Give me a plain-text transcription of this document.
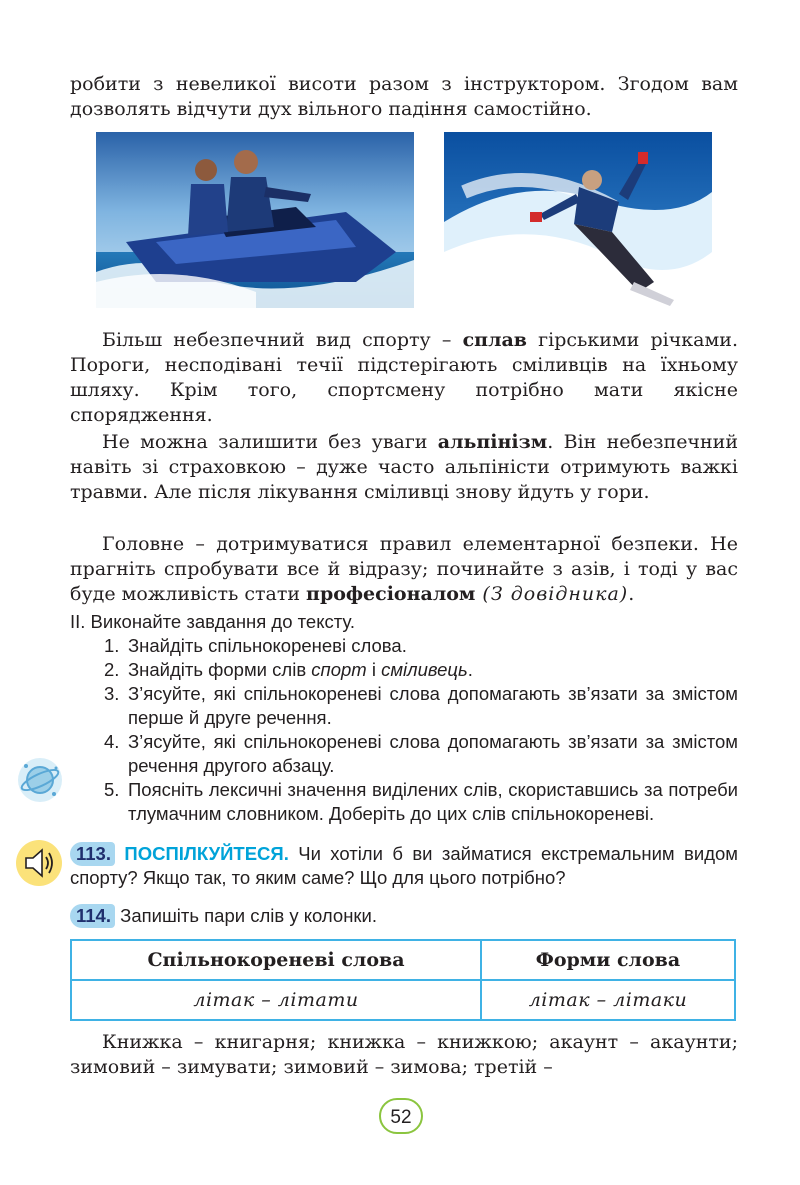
робити з невеликої висоти разом з інструктором. Згодом вам дозволять відчути дух вільного падіння самостійно.

Більш небезпечний вид спорту – сплав гірськими річками. Пороги, несподівані течії підстерігають сміливців на їхньому шляху. Крім того, спортсмену потрібно мати якісне спорядження.

Не можна залишити без уваги альпінізм. Він небезпечний навіть зі страховкою – дуже часто альпіністи отримують важкі травми. Але після лікування сміливці знову йдуть у гори.

Головне – дотримуватися правил елементарної безпеки. Не прагніть спробувати все й відразу; починайте з азів, і тоді у вас буде можливість стати професіоналом (З довідника).

ІІ. Виконайте завдання до тексту.
1. Знайдіть спільнокореневі слова.
2. Знайдіть форми слів спорт і сміливець.
3. З’ясуйте, які спільнокореневі слова допомагають зв’язати за змістом перше й друге речення.
4. З’ясуйте, які спільнокореневі слова допомагають зв’язати за змістом речення другого абзацу.
5. Поясніть лексичні значення виділених слів, скориставшись за потреби тлумачним словником. Доберіть до цих слів спільнокореневі.
113. ПОСПІЛКУЙТЕСЯ. Чи хотіли б ви займатися екстремальним видом спорту? Якщо так, то яким саме? Що для цього потрібно?
114. Запишіть пари слів у колонки.
Спільнокореневі слова	Форми слова
літак – літати	літак – літаки

Книжка – книгарня; книжка – книжкою; акаунт – акаунти; зимовий – зимувати; зимовий – зимова; третій –

52
